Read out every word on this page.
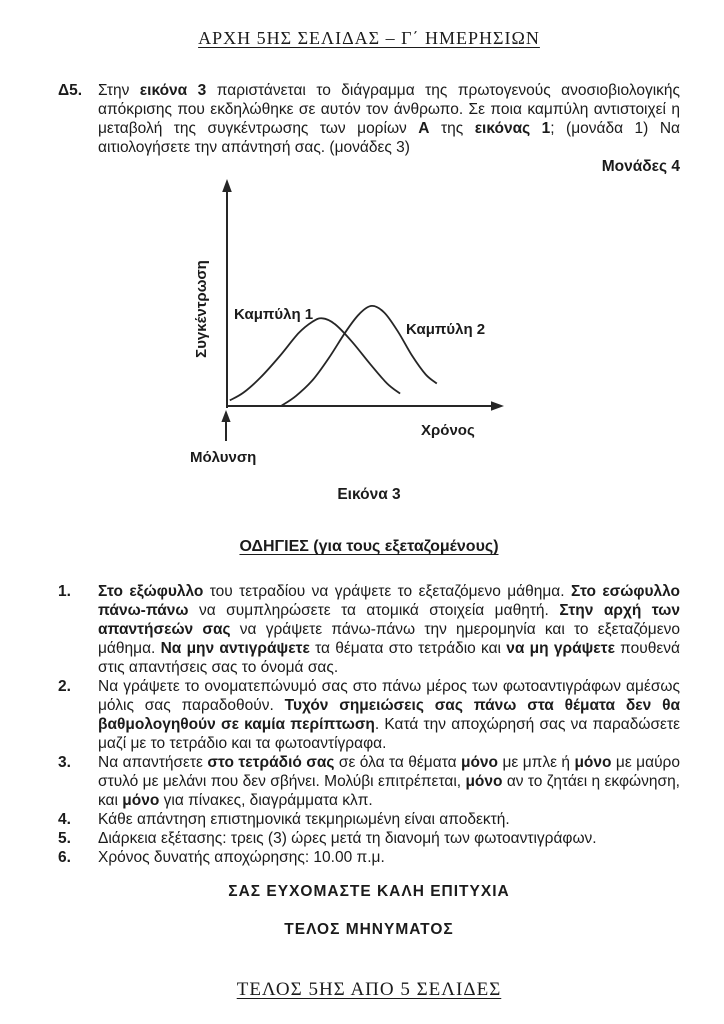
ΑΡΧΗ 5ΗΣ ΣΕΛΙΔΑΣ – Γ΄ ΗΜΕΡΗΣΙΩΝ
Δ5.	Στην εικόνα 3 παριστάνεται το διάγραμμα της πρωτογενούς ανοσιοβιολογικής απόκρισης που εκδηλώθηκε σε αυτόν τον άνθρωπο. Σε ποια καμπύλη αντιστοιχεί η μεταβολή της συγκέντρωσης των μορίων Α της εικόνας 1; (μονάδα 1) Να αιτιολογήσετε την απάντησή σας. (μονάδες 3)
Μονάδες 4
Συγκέντρωση Καμπύλη 1
Καμπύλη 2
Χρόνος
Μόλυνση
Εικόνα 3
ΟΔΗΓΙΕΣ (για τους εξεταζομένους)
1.	Στο εξώφυλλο του τετραδίου να γράψετε το εξεταζόμενο μάθημα. Στο εσώφυλλο πάνω-πάνω να συμπληρώσετε τα ατομικά στοιχεία μαθητή. Στην αρχή των απαντήσεών σας να γράψετε πάνω-πάνω την ημερομηνία και το εξεταζόμενο μάθημα. Να μην αντιγράψετε τα θέματα στο τετράδιο και να μη γράψετε πουθενά στις απαντήσεις σας το όνομά σας.
2.	Να γράψετε το ονοματεπώνυμό σας στο πάνω μέρος των φωτοαντιγράφων αμέσως μόλις σας παραδοθούν. Τυχόν σημειώσεις σας πάνω στα θέματα δεν θα βαθμολογηθούν σε καμία περίπτωση. Κατά την αποχώρησή σας να παραδώσετε μαζί με το τετράδιο και τα φωτοαντίγραφα.
3.	Να απαντήσετε στο τετράδιό σας σε όλα τα θέματα μόνο με μπλε ή μόνο με μαύρο στυλό με μελάνι που δεν σβήνει. Μολύβι επιτρέπεται, μόνο αν το ζητάει η εκφώνηση, και μόνο για πίνακες, διαγράμματα κλπ.
4.	Κάθε απάντηση επιστημονικά τεκμηριωμένη είναι αποδεκτή.
5.	Διάρκεια εξέτασης: τρεις (3) ώρες μετά τη διανομή των φωτοαντιγράφων.
6.	Χρόνος δυνατής αποχώρησης: 10.00 π.μ.
ΣΑΣ ΕΥΧΟΜΑΣΤΕ ΚΑΛΗ ΕΠΙΤΥΧΙΑ
ΤΕΛΟΣ ΜΗΝΥΜΑΤΟΣ
ΤΕΛΟΣ 5ΗΣ ΑΠΟ 5 ΣΕΛΙΔΕΣ
